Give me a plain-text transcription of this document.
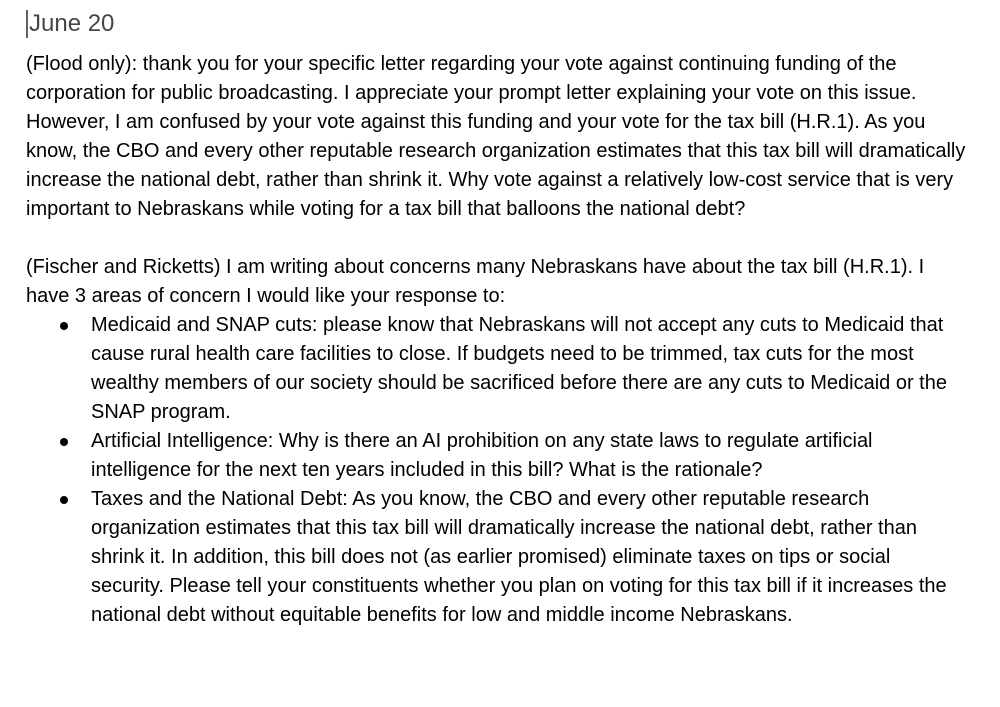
June 20

(Flood only): thank you for your specific letter regarding your vote against continuing funding of the corporation for public broadcasting. I appreciate your prompt letter explaining your vote on this issue. However, I am confused by your vote against this funding and your vote for the tax bill (H.R.1). As you know, the CBO and every other reputable research organization estimates that this tax bill will dramatically increase the national debt, rather than shrink it. Why vote against a relatively low-cost service that is very important to Nebraskans while voting for a tax bill that balloons the national debt?

(Fischer and Ricketts) I am writing about concerns many Nebraskans have about the tax bill (H.R.1). I have 3 areas of concern I would like your response to:

Medicaid and SNAP cuts: please know that Nebraskans will not accept any cuts to Medicaid that cause rural health care facilities to close. If budgets need to be trimmed, tax cuts for the most wealthy members of our society should be sacrificed before there are any cuts to Medicaid or the SNAP program.
Artificial Intelligence: Why is there an AI prohibition on any state laws to regulate artificial intelligence for the next ten years included in this bill? What is the rationale?
Taxes and the National Debt: As you know, the CBO and every other reputable research organization estimates that this tax bill will dramatically increase the national debt, rather than shrink it. In addition, this bill does not (as earlier promised) eliminate taxes on tips or social security. Please tell your constituents whether you plan on voting for this tax bill if it increases the national debt without equitable benefits for low and middle income Nebraskans.
